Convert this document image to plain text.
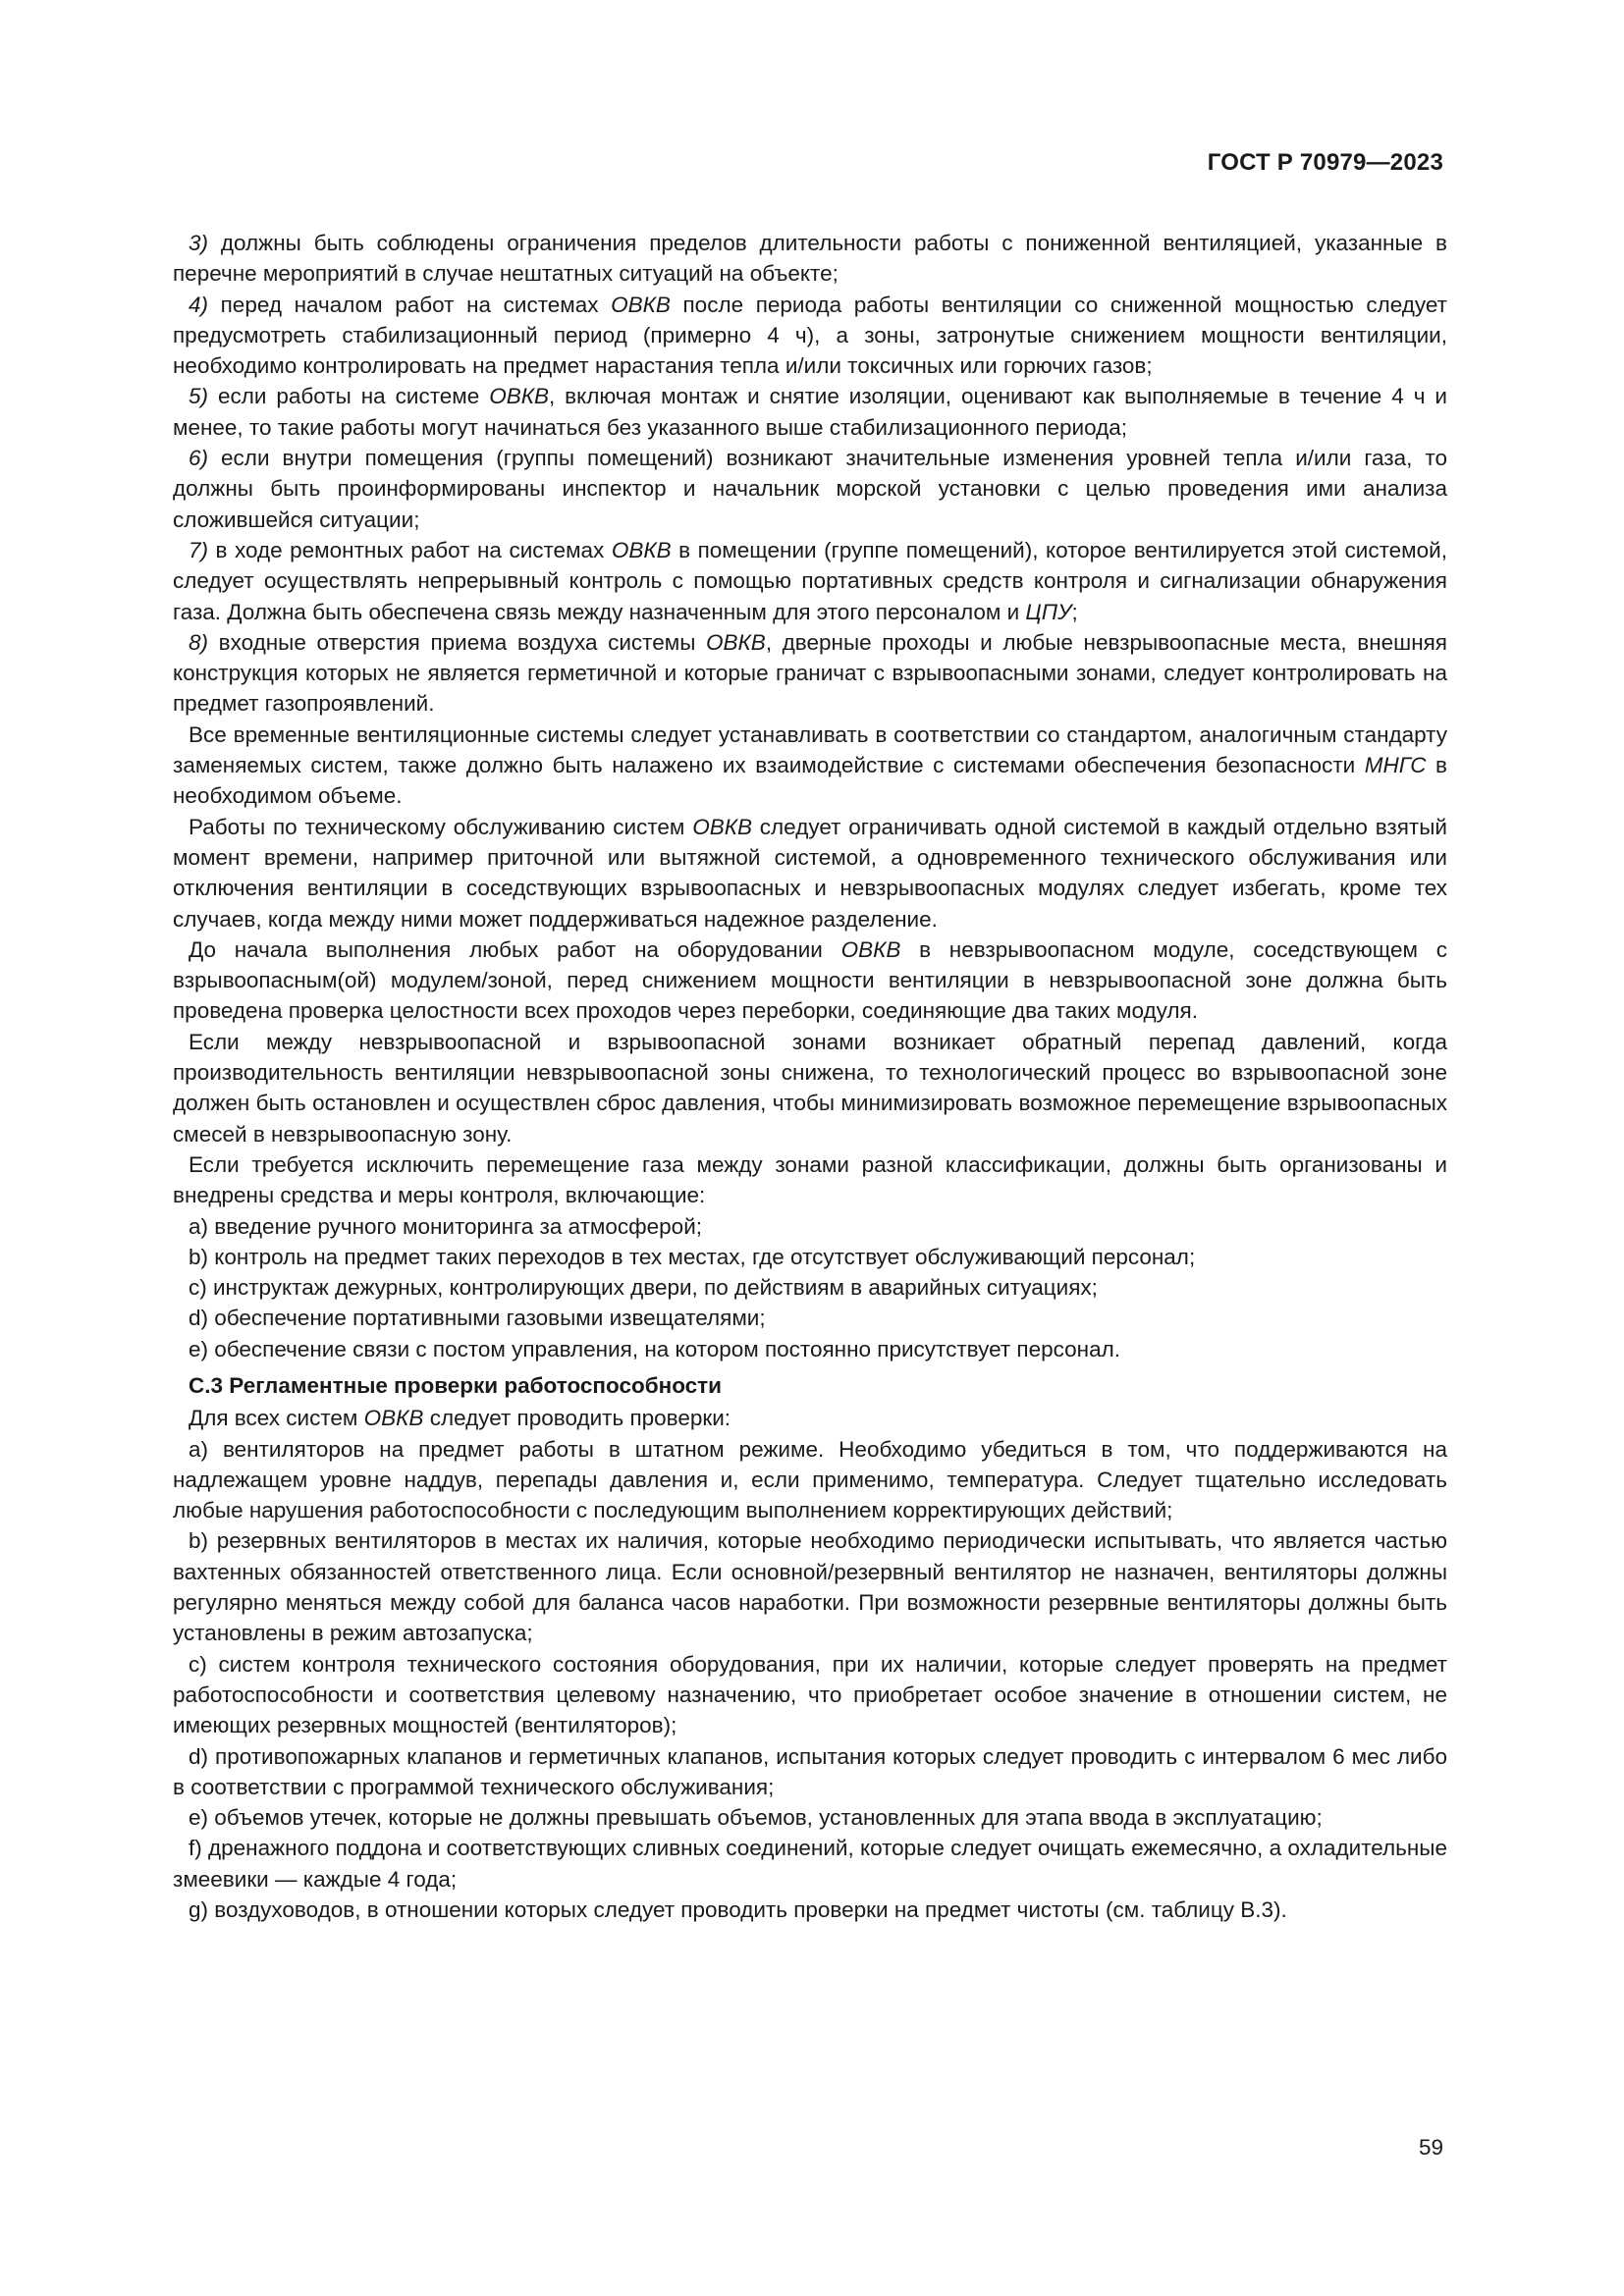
ГОСТ Р 70979—2023

3) должны быть соблюдены ограничения пределов длительности работы с пониженной вентиляцией, указанные в перечне мероприятий в случае нештатных ситуаций на объекте;

4) перед началом работ на системах ОВКВ после периода работы вентиляции со сниженной мощностью следует предусмотреть стабилизационный период (примерно 4 ч), а зоны, затронутые снижением мощности вентиляции, необходимо контролировать на предмет нарастания тепла и/или токсичных или горючих газов;

5) если работы на системе ОВКВ, включая монтаж и снятие изоляции, оценивают как выполняемые в течение 4 ч и менее, то такие работы могут начинаться без указанного выше стабилизационного периода;

6) если внутри помещения (группы помещений) возникают значительные изменения уровней тепла и/или газа, то должны быть проинформированы инспектор и начальник морской установки с целью проведения ими анализа сложившейся ситуации;

7) в ходе ремонтных работ на системах ОВКВ в помещении (группе помещений), которое вентилируется этой системой, следует осуществлять непрерывный контроль с помощью портативных средств контроля и сигнализации обнаружения газа. Должна быть обеспечена связь между назначенным для этого персоналом и ЦПУ;

8) входные отверстия приема воздуха системы ОВКВ, дверные проходы и любые невзрывоопасные места, внешняя конструкция которых не является герметичной и которые граничат с взрывоопасными зонами, следует контролировать на предмет газопроявлений.

Все временные вентиляционные системы следует устанавливать в соответствии со стандартом, аналогичным стандарту заменяемых систем, также должно быть налажено их взаимодействие с системами обеспечения безопасности МНГС в необходимом объеме.

Работы по техническому обслуживанию систем ОВКВ следует ограничивать одной системой в каждый отдельно взятый момент времени, например приточной или вытяжной системой, а одновременного технического обслуживания или отключения вентиляции в соседствующих взрывоопасных и невзрывоопасных модулях следует избегать, кроме тех случаев, когда между ними может поддерживаться надежное разделение.

До начала выполнения любых работ на оборудовании ОВКВ в невзрывоопасном модуле, соседствующем с взрывоопасным(ой) модулем/зоной, перед снижением мощности вентиляции в невзрывоопасной зоне должна быть проведена проверка целостности всех проходов через переборки, соединяющие два таких модуля.

Если между невзрывоопасной и взрывоопасной зонами возникает обратный перепад давлений, когда производительность вентиляции невзрывоопасной зоны снижена, то технологический процесс во взрывоопасной зоне должен быть остановлен и осуществлен сброс давления, чтобы минимизировать возможное перемещение взрывоопасных смесей в невзрывоопасную зону.

Если требуется исключить перемещение газа между зонами разной классификации, должны быть организованы и внедрены средства и меры контроля, включающие:

a) введение ручного мониторинга за атмосферой;

b) контроль на предмет таких переходов в тех местах, где отсутствует обслуживающий персонал;

c) инструктаж дежурных, контролирующих двери, по действиям в аварийных ситуациях;

d) обеспечение портативными газовыми извещателями;

e) обеспечение связи с постом управления, на котором постоянно присутствует персонал.

С.3 Регламентные проверки работоспособности

Для всех систем ОВКВ следует проводить проверки:

a) вентиляторов на предмет работы в штатном режиме. Необходимо убедиться в том, что поддерживаются на надлежащем уровне наддув, перепады давления и, если применимо, температура. Следует тщательно исследовать любые нарушения работоспособности с последующим выполнением корректирующих действий;

b) резервных вентиляторов в местах их наличия, которые необходимо периодически испытывать, что является частью вахтенных обязанностей ответственного лица. Если основной/резервный вентилятор не назначен, вентиляторы должны регулярно меняться между собой для баланса часов наработки. При возможности резервные вентиляторы должны быть установлены в режим автозапуска;

c) систем контроля технического состояния оборудования, при их наличии, которые следует проверять на предмет работоспособности и соответствия целевому назначению, что приобретает особое значение в отношении систем, не имеющих резервных мощностей (вентиляторов);

d) противопожарных клапанов и герметичных клапанов, испытания которых следует проводить с интервалом 6 мес либо в соответствии с программой технического обслуживания;

e) объемов утечек, которые не должны превышать объемов, установленных для этапа ввода в эксплуатацию;

f) дренажного поддона и соответствующих сливных соединений, которые следует очищать ежемесячно, а охладительные змеевики — каждые 4 года;

g) воздуховодов, в отношении которых следует проводить проверки на предмет чистоты (см. таблицу В.3).

59
